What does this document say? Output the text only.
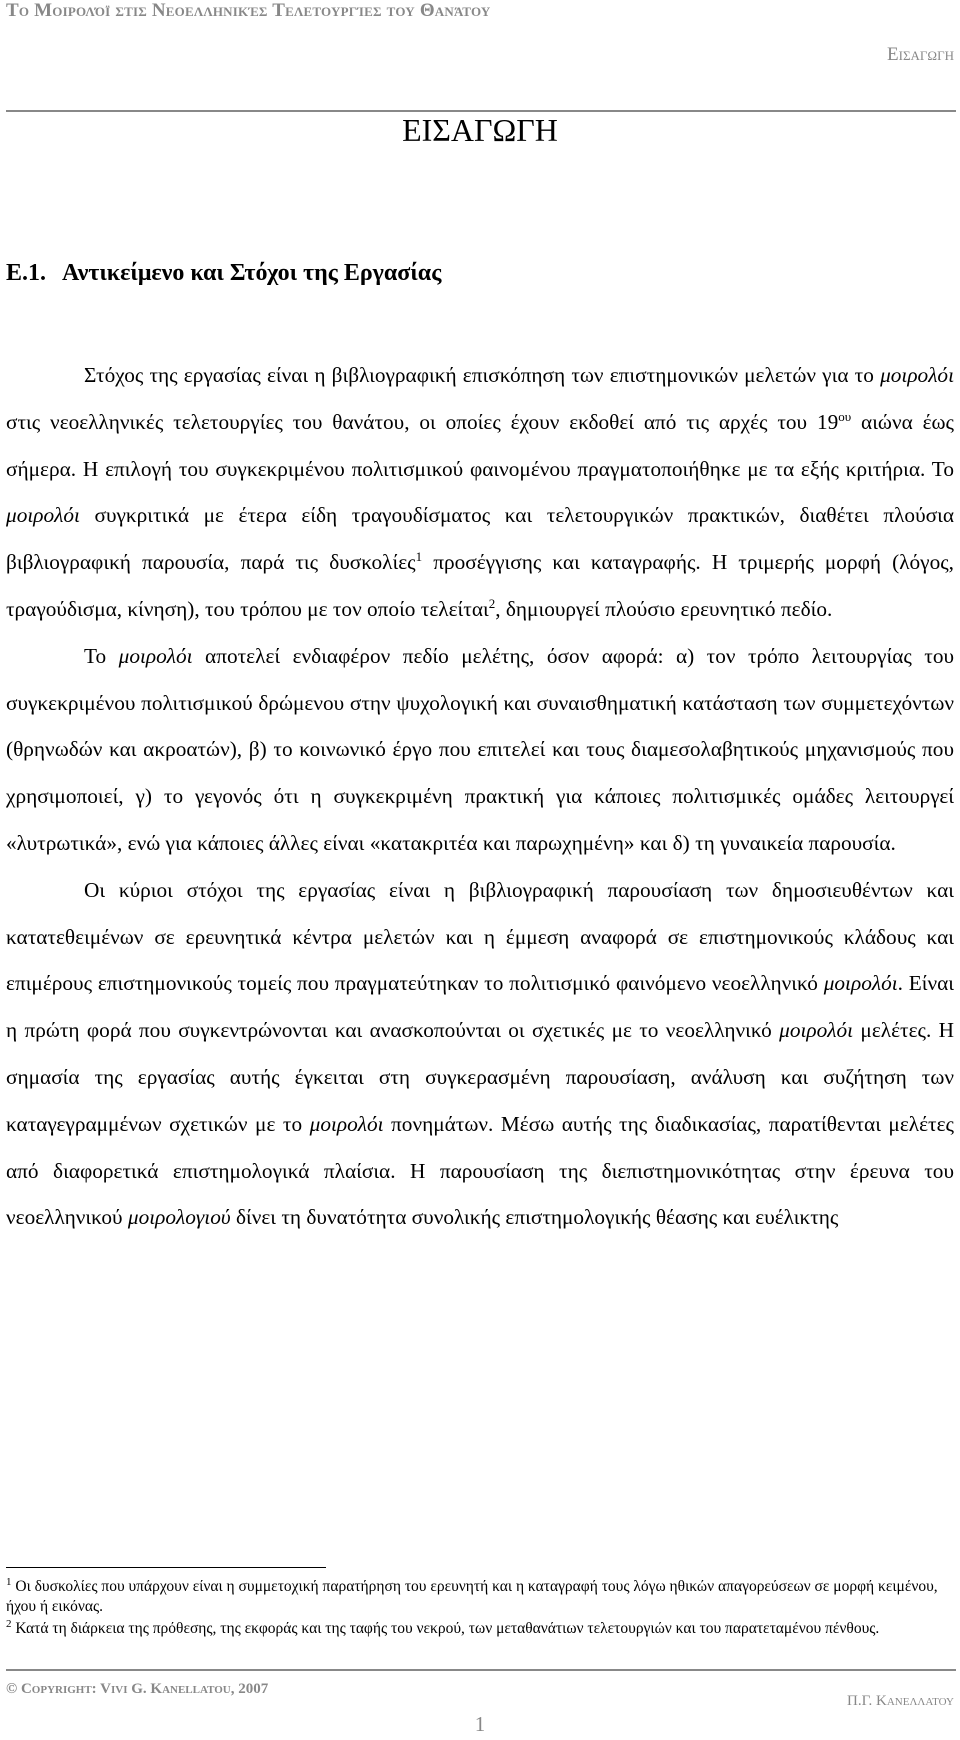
Το Μοιρολόϊ στις Νεοελληνικές Τελετουργίες του Θανάτου
Εισαγωγη
ΕΙΣΑΓΩΓΗ
Ε.1. Αντικείμενο και Στόχοι της Εργασίας

Στόχος της εργασίας είναι η βιβλιογραφική επισκόπηση των επιστημονικών μελετών για το μοιρολόι στις νεοελληνικές τελετουργίες του θανάτου, οι οποίες έχουν εκδοθεί από τις αρχές του $19^{o\upsilon}$ αιώνα έως σήμερα. Η επιλογή του συγκεκριμένου πολιτισμικού φαινομένου πραγματοποιήθηκε με τα εξής κριτήρια. Το μοιρολόι συγκριτικά με έτερα είδη τραγουδίσματος και τελετουργικών πρακτικών, διαθέτει πλούσια βιβλιογραφική παρουσία, παρά τις δυσκολίες$^1$ προσέγγισης και καταγραφής. Η τριμερής μορφή (λόγος, τραγούδισμα, κίνηση), του τρόπου με τον οποίο τελείται$^2$, δημιουργεί πλούσιο ερευνητικό πεδίο.

Το μοιρολόι αποτελεί ενδιαφέρον πεδίο μελέτης, όσον αφορά: α) τον τρόπο λειτουργίας του συγκεκριμένου πολιτισμικού δρώμενου στην ψυχολογική και συναισθηματική κατάσταση των συμμετεχόντων (θρηνωδών και ακροατών), β) το κοινωνικό έργο που επιτελεί και τους διαμεσολαβητικούς μηχανισμούς που χρησιμοποιεί, γ) το γεγονός ότι η συγκεκριμένη πρακτική για κάποιες πολιτισμικές ομάδες λειτουργεί «λυτρωτικά», ενώ για κάποιες άλλες είναι «κατακριτέα και παρωχημένη» και δ) τη γυναικεία παρουσία.

Οι κύριοι στόχοι της εργασίας είναι η βιβλιογραφική παρουσίαση των δημοσιευθέντων και κατατεθειμένων σε ερευνητικά κέντρα μελετών και η έμμεση αναφορά σε επιστημονικούς κλάδους και επιμέρους επιστημονικούς τομείς που πραγματεύτηκαν το πολιτισμικό φαινόμενο νεοελληνικό μοιρολόι. Είναι η πρώτη φορά που συγκεντρώνονται και ανασκοπούνται οι σχετικές με το νεοελληνικό μοιρολόι μελέτες. Η σημασία της εργασίας αυτής έγκειται στη συγκερασμένη παρουσίαση, ανάλυση και συζήτηση των καταγεγραμμένων σχετικών με το μοιρολόι πονημάτων. Μέσω αυτής της διαδικασίας, παρατίθενται μελέτες από διαφορετικά επιστημολογικά πλαίσια. Η παρουσίαση της διεπιστημονικότητας στην έρευνα του νεοελληνικού μοιρολογιού δίνει τη δυνατότητα συνολικής επιστημολογικής θέασης και ευέλικτης

$^1$ Οι δυσκολίες που υπάρχουν είναι η συμμετοχική παρατήρηση του ερευνητή και η καταγραφή τους λόγω ηθικών απαγορεύσεων σε μορφή κειμένου, ήχου ή εικόνας.

$^2$ Κατά τη διάρκεια της πρόθεσης, της εκφοράς και της ταφής του νεκρού, των μεταθανάτιων τελετουργιών και του παρατεταμένου πένθους.

© Copyright: Vivi G. Kanellatou, 2007
Π.Γ. Κανελλατου
1
